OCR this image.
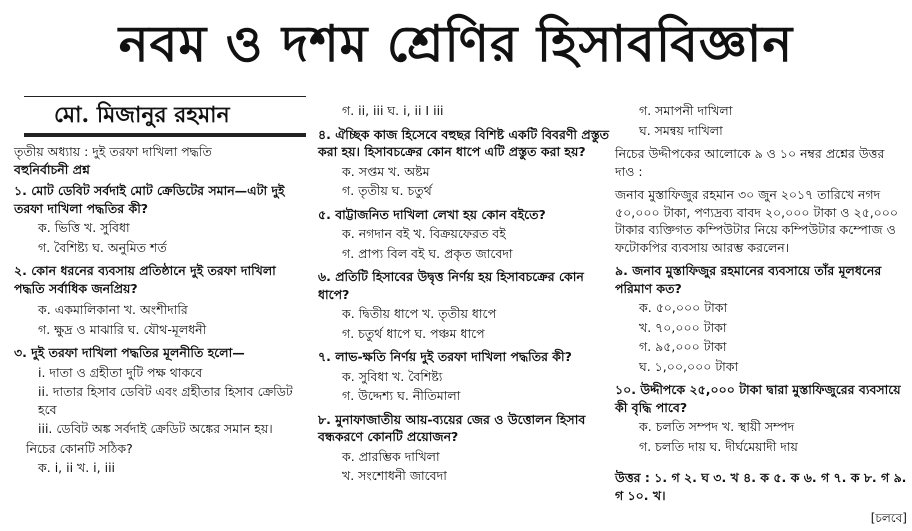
নবম ও দশম শ্রেণির হিসাববিজ্ঞান
মো. মিজানুর রহমান
তৃতীয় অধ্যায় : দুই তরফা দাখিলা পদ্ধতি
বহুনির্বাচনী প্রশ্ন
১. মোট ডেবিট সর্বদাই মোট ক্রেডিটের সমান—এটা দুই তরফা দাখিলা পদ্ধতির কী?
ক. ভিত্তি খ. সুবিধা
গ. বৈশিষ্ট্য ঘ. অনুমিত শর্ত
২. কোন ধরনের ব্যবসায় প্রতিষ্ঠানে দুই তরফা দাখিলা পদ্ধতি সর্বাধিক জনপ্রিয়?
ক. একমালিকানা খ. অংশীদারি
গ. ক্ষুদ্র ও মাঝারি ঘ. যৌথ-মূলধনী
৩. দুই তরফা দাখিলা পদ্ধতির মূলনীতি হলো—
i. দাতা ও গ্রহীতা দুটি পক্ষ থাকবে
ii. দাতার হিসাব ডেবিট এবং গ্রহীতার হিসাব ক্রেডিট হবে
iii. ডেবিট অঙ্ক সর্বদাই ক্রেডিট অঙ্কের সমান হয়।
নিচের কোনটি সঠিক?
ক. i, ii খ. i, iii
গ. ii, iii ঘ. i, ii I iii
৪. ঐচ্ছিক কাজ হিসেবে বহুছর বিশিষ্ট একটি বিবরণী প্রস্তুত করা হয়। হিসাবচক্রের কোন ধাপে এটি প্রস্তুত করা হয়?
ক. সপ্তম খ. অষ্টম
গ. তৃতীয় ঘ. চতুর্থ
৫. বাট্টাজনিত দাখিলা লেখা হয় কোন বইতে?
ক. নগদান বই খ. বিক্রয়ফেরত বই
গ. প্রাপ্য বিল বই ঘ. প্রকৃত জাবেদা
৬. প্রতিটি হিসাবের উদ্বৃত্ত নির্ণয় হয় হিসাবচক্রের কোন ধাপে?
ক. দ্বিতীয় ধাপে খ. তৃতীয় ধাপে
গ. চতুর্থ ধাপে ঘ. পঞ্চম ধাপে
৭. লাভ-ক্ষতি নির্ণয় দুই তরফা দাখিলা পদ্ধতির কী?
ক. সুবিধা খ. বৈশিষ্ট্য
গ. উদ্দেশ্য ঘ. নীতিমালা
৮. মুনাফাজাতীয় আয়-ব্যয়ের জের ও উত্তোলন হিসাব বন্ধকরণে কোনটি প্রয়োজন?
ক. প্রারম্ভিক দাখিলা
খ. সংশোধনী জাবেদা
গ. সমাপনী দাখিলা
ঘ. সমন্বয় দাখিলা
নিচের উদ্দীপকের আলোকে ৯ ও ১০ নম্বর প্রশ্নের উত্তর দাও :
জনাব মুস্তাফিজুর রহমান ৩০ জুন ২০১৭ তারিখে নগদ ৫০,০০০ টাকা, পণ্যদ্রব্য বাবদ ২০,০০০ টাকা ও ২৫,০০০ টাকার ব্যক্তিগত কম্পিউটার নিয়ে কম্পিউটার কম্পোজ ও ফটোকপির ব্যবসায় আরম্ভ করলেন।
৯. জনাব মুস্তাফিজুর রহমানের ব্যবসায়ে তাঁর মূলধনের পরিমাণ কত?
ক. ৫০,০০০ টাকা
খ. ৭০,০০০ টাকা
গ. ৯৫,০০০ টাকা
ঘ. ১,০০,০০০ টাকা
১০. উদ্দীপকে ২৫,০০০ টাকা দ্বারা মুস্তাফিজুরের ব্যবসায়ে কী বৃদ্ধি পাবে?
ক. চলতি সম্পদ খ. স্থায়ী সম্পদ
গ. চলতি দায় ঘ. দীর্ঘমেয়াদী দায়
উত্তর : ১. গ ২. ঘ ৩. খ ৪. ক ৫. ক ৬. গ ৭. ক ৮. গ ৯. গ ১০. খ।
[চলবে]
